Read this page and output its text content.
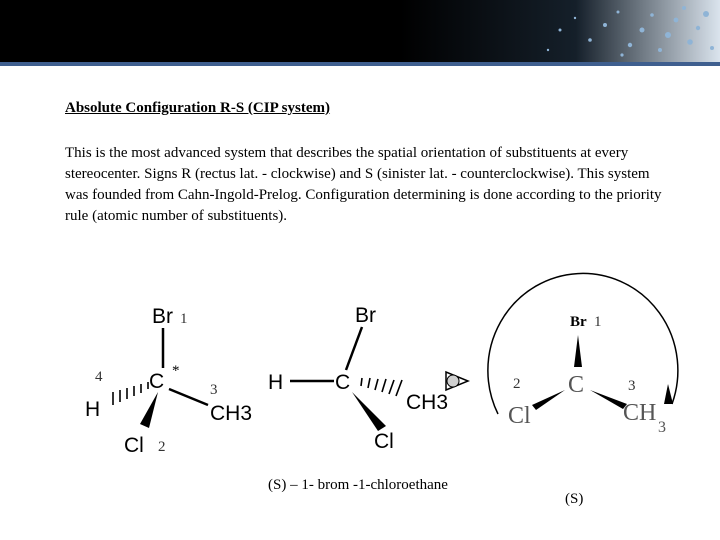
Absolute Configuration R-S (CIP system)
This is the most advanced system that describes the spatial orientation of substituents at every stereocenter. Signs R (rectus lat. - clockwise) and S (sinister lat. - counterclockwise). This system was founded from Cahn-Ingold-Prelog. Configuration determining is done according to the priority rule (atomic number of substituents).
Br
C
H	CH3
Cl
*
1
2
3
4
Br
C
H
CH3
Cl
(S) – 1- brom -1-chloroethane
Br 1
C
Cl	CH
3
2	3
(S)
